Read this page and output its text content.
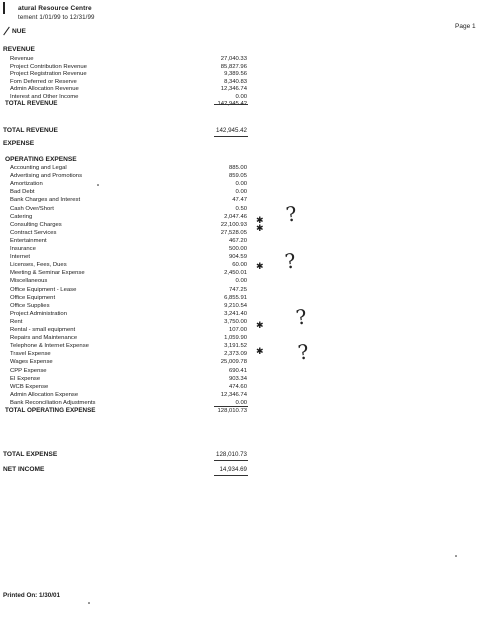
atural Resource Centre
tement 1/01/99 to 12/31/99
Page 1
NUE
REVENUE
Revenue	27,040.33
Project Contribution Revenue	85,827.96
Project Registration Revenue	9,389.56
Fom Deferred or Reserve	8,340.83
Admin Allocation Revenue	12,346.74
Interest and Other Income	0.00
TOTAL REVENUE	142,945.42
TOTAL REVENUE	142,945.42
EXPENSE
OPERATING EXPENSE
Accounting and Legal	885.00
Advertising and Promotions	859.05
Amortization	0.00
Bad Debt	0.00
Bank Charges and Interest	47.47
Cash Over/Short	0.50
Catering	2,047.46
Consulting Charges	22,100.93
Contract Services	27,528.05
Entertainment	467.20
Insurance	500.00
Internet	904.59
Licenses, Fees, Dues	60.00
Meeting & Seminar Expense	2,450.01
Miscellaneous	0.00
Office Equipment - Lease	747.25
Office Equipment	6,855.91
Office Supplies	9,210.54
Project Administration	3,241.40
Rent	3,750.00
Rental - small equipment	107.00
Repairs and Maintenance	1,059.90
Telephone & Internet Expense	3,191.52
Travel Expense	2,373.09
Wages Expense	25,009.78
CPP Expense	690.41
EI Expense	903.34
WCB Expense	474.60
Admin Allocation Expense	12,346.74
Bank Reconciliation Adjustments	0.00
TOTAL OPERATING EXPENSE	128,010.73
TOTAL EXPENSE	128,010.73
NET INCOME	14,934.69
✱
✱
✱
✱
✱
?
?
?
?
Printed On: 1/30/01
